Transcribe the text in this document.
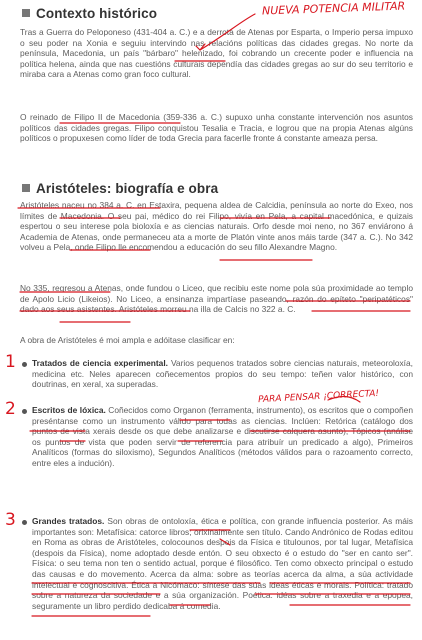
Contexto histórico
Tras a Guerra do Peloponeso (431-404 a. C.) e a derrota de Atenas por Esparta, o Imperio persa impuxo o seu poder na Xonia e seguiu intervindo nas relacións políticas das cidades gregas. No norte da península, Macedonia, un país "bárbaro" helenizado, foi cobrando un crecente poder e influencia na política helena, ainda que nas cuestións culturais dependía das cidades gregas ao sur do seu territorio e miraba cara a Atenas como gran foco cultural.
O reinado de Filipo II de Macedonia (359-336 a. C.) supuxo unha constante intervención nos asuntos políticos das cidades gregas. Filipo conquistou Tesalia e Tracia, e logrou que na propia Atenas algúns políticos o propuxesen como líder de toda Grecia para facerlle fronte á constante ameaza persa.
Aristóteles: biografía e obra
Aristóteles naceu no 384 a. C. en Estaxira, pequena aldea de Calcidia, península ao norte do Exeo, nos límites de Macedonia. O seu pai, médico do rei Filipo, vivía en Pela, a capital macedónica, e quizais espertou o seu interese pola bioloxía e as ciencias naturais. Orfo desde moi neno, no 367 enviárono á Academia de Atenas, onde permaneceu ata a morte de Platón vinte anos máis tarde (347 a. C.). No 342 volveu a Pela, onde Filipo lle encomendou a educación do seu fillo Alexandre Magno.
No 335, regresou a Atenas, onde fundou o Liceo, que recibiu este nome pola súa proximidade ao templo de Apolo Licio (Likeios). No Liceo, a ensinanza impartíase paseando, razón do epíteto "peripatéticos" dado aos seus asistentes. Aristóteles morreu na illa de Calcis no 322 a. C.
A obra de Aristóteles é moi ampla e adóitase clasificar en:
Tratados de ciencia experimental. Varios pequenos tratados sobre ciencias naturais, meteoroloxía, medicina etc. Neles aparecen coñecementos propios do seu tempo: teñen valor histórico, con doutrinas, en xeral, xa superadas.
Escritos de lóxica. Coñecidos como Organon (ferramenta, instrumento), os escritos que o compoñen preséntanse como un instrumento válido para todas as ciencias. Inclúen: Retórica (catálogo dos puntos de vista xerais desde os que debe analizarse e discutirse calquera asunto), Tópicos (análise os puntos de vista que poden servir de referencia para atribuír un predicado a algo), Primeiros Analíticos (formas do siloxismo), Segundos Analíticos (métodos válidos para o razoamento correcto, entre eles a indución).
Grandes tratados. Son obras de ontoloxía, ética e política, con grande influencia posterior. As máis importantes son: Metafísica: catorce libros; orixinalmente sen título. Cando Andrónico de Rodas editou en Roma as obras de Aristóteles, colocounos despois da Física e titulounos, por tal lugar, Metafísica (despois da Física), nome adoptado desde entón. O seu obxecto é o estudo do "ser en canto ser". Física: o seu tema non ten o sentido actual, porque é filosófico. Ten como obxecto principal o estudo das causas e do movemento. Acerca da alma: sobre as teorías acerca da alma, a súa actividade intelectual e cognoscitiva. Ética a Nicómaco: síntese das súas ideas éticas e morais. Política: tratado sobre a natureza da sociedade e a súa organización. Poética: idéas sobre a traxedia e a epopea, seguramente un libro perdido dedicaba á comedia.
NUEVA POTENCIA MILITAR
PARA PENSAR ¡CORRECTA!
1
2
3
